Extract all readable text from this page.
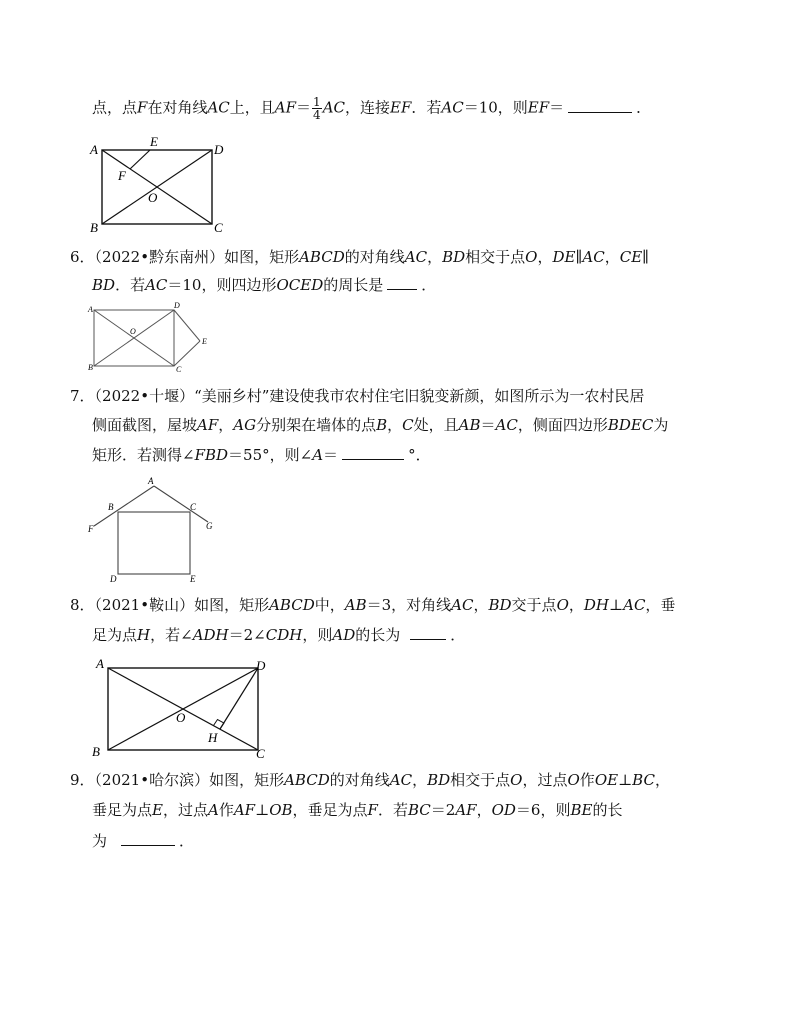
点，点F在对角线AC上，且$AF= \frac{1}{4}$ AC，连接EF．若AC＝10，则EF＝	．
A
B	C
D
E
F
O
6．（2022•黔东南州）如图，矩形ABCD的对角线AC，BD相交于点O，DE∥AC，CE∥
BD．若AC＝10，则四边形OCED的周长是	．
A
B	C
D
E
O
7．（2022•十堰）“美丽乡村”建设使我市农村住宅旧貌变新颜，如图所示为一农村民居
侧面截图，屋坡AF，AG分别架在墙体的点B，C处，且AB＝AC，侧面四边形BDEC为
矩形．若测得∠FBD＝55°，则∠A＝	°．
A
B	C
D	E
F	G
8．（2021•鞍山）如图，矩形ABCD中，AB＝3，对角线AC，BD交于点O，DH⊥AC，垂
足为点H，若∠ADH＝2∠CDH，则AD的长为	．
A
B	C
D
H
O
9．（2021•哈尔滨）如图，矩形ABCD的对角线AC，BD相交于点O，过点O作OE⊥BC，
垂足为点E，过点A作AF⊥OB，垂足为点F．若BC＝2AF，OD＝6，则BE的长
为	．
